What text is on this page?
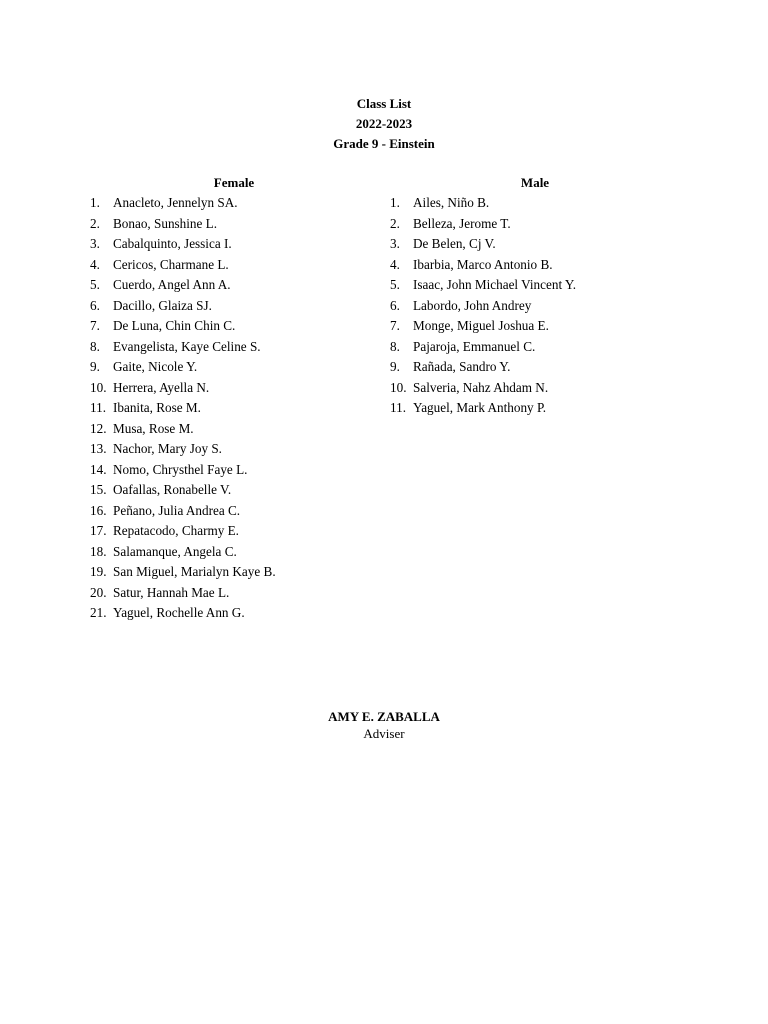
Class List
2022-2023
Grade 9 - Einstein
Female
1. Anacleto, Jennelyn SA.
2. Bonao, Sunshine L.
3. Cabalquinto, Jessica I.
4. Cericos, Charmane L.
5. Cuerdo, Angel Ann A.
6. Dacillo, Glaiza SJ.
7. De Luna, Chin Chin C.
8. Evangelista, Kaye Celine S.
9. Gaite, Nicole Y.
10. Herrera, Ayella N.
11. Ibanita, Rose M.
12. Musa, Rose M.
13. Nachor, Mary Joy S.
14. Nomo, Chrysthel Faye L.
15. Oafallas, Ronabelle V.
16. Peñano, Julia Andrea C.
17. Repatacodo, Charmy E.
18. Salamanque, Angela C.
19. San Miguel, Marialyn Kaye B.
20. Satur, Hannah Mae L.
21. Yaguel, Rochelle Ann G.
Male
1. Ailes, Niño B.
2. Belleza, Jerome T.
3. De Belen, Cj V.
4. Ibarbia, Marco Antonio B.
5. Isaac, John Michael Vincent Y.
6. Labordo, John Andrey
7. Monge, Miguel Joshua E.
8. Pajaroja, Emmanuel C.
9. Rañada, Sandro Y.
10. Salveria, Nahz Ahdam N.
11. Yaguel, Mark Anthony P.
AMY E. ZABALLA
Adviser
